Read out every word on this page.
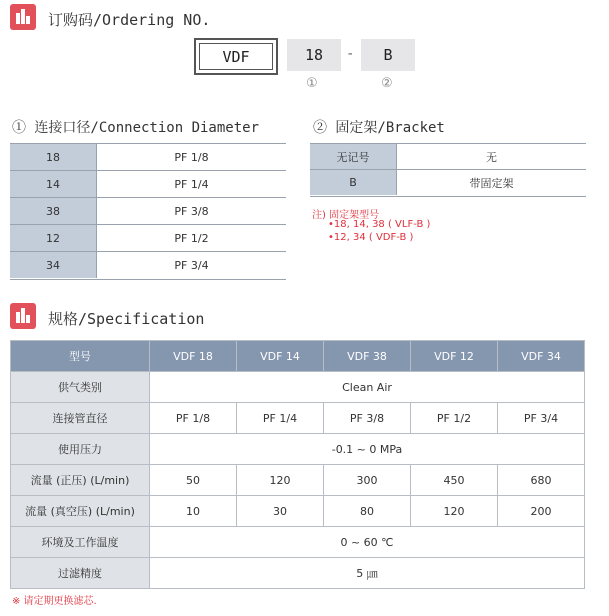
订购码/Ordering NO.
VDF	18 - B
①	②
① 连接口径/Connection Diameter
18	PF 1/8
14	PF 1/4
38	PF 3/8
12	PF 1/2
34	PF 3/4
② 固定架/Bracket
无记号	无
B	带固定架
注) 固定架型号
•18, 14, 38 ( VLF-B )
•12, 34 ( VDF-B )
规格/Specification
型号	VDF 18	VDF 14	VDF 38	VDF 12	VDF 34
供气类别	Clean Air				
连接管直径	PF 1/8	PF 1/4	PF 3/8	PF 1/2	PF 3/4
使用压力	-0.1 ~ 0 MPa				
流量 (正压) (L/min)	50	120	300	450	680
流量 (真空压) (L/min)	10	30	80	120	200
环境及工作温度	0 ~ 60 ℃				
过滤精度	5 ㎛				
※ 请定期更换滤芯.
